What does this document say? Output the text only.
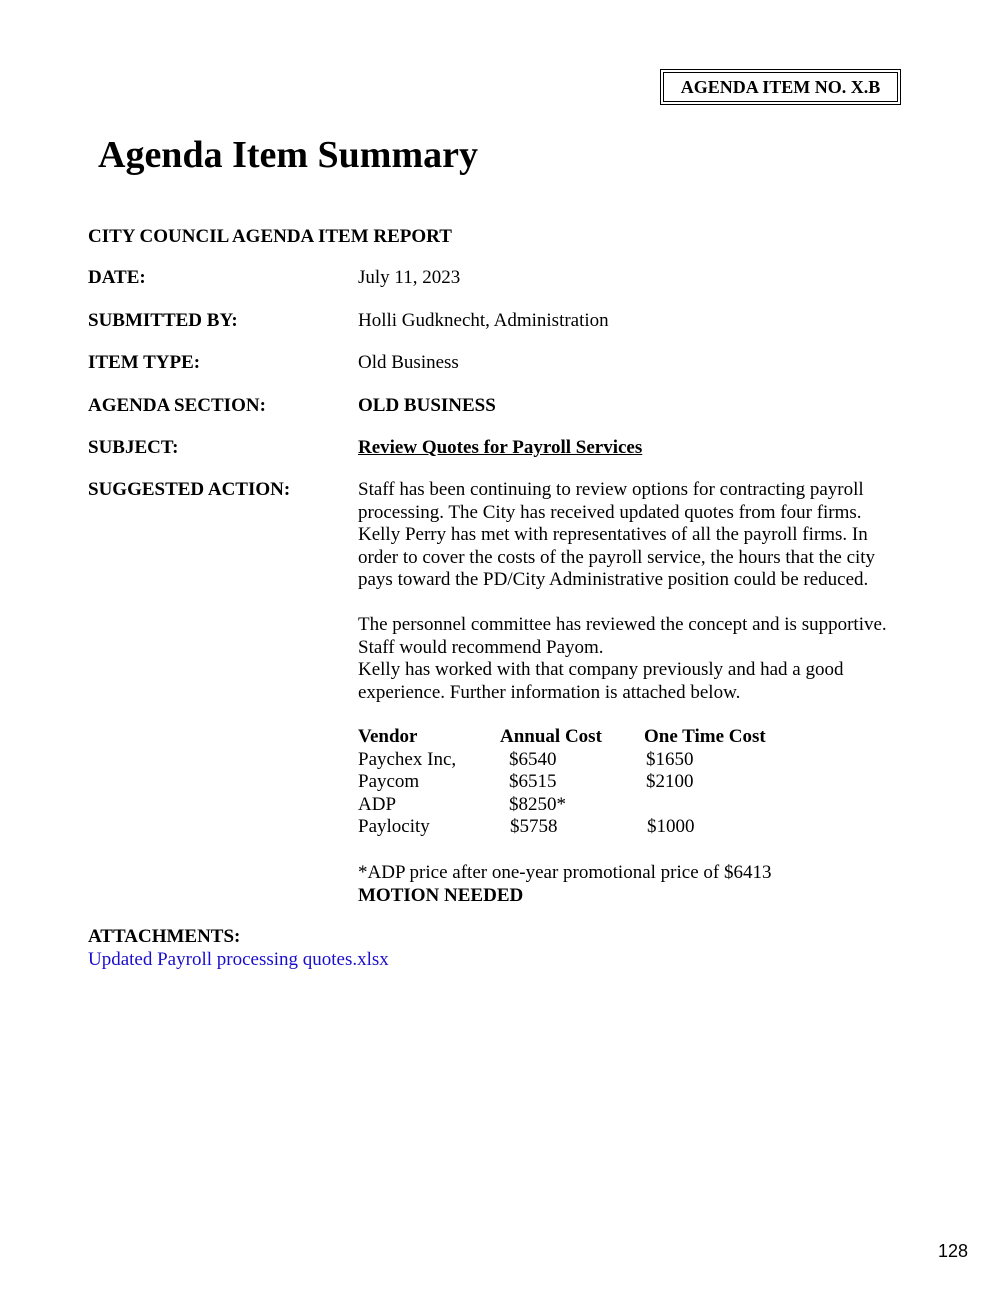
AGENDA ITEM NO. X.B
Agenda Item Summary
CITY COUNCIL AGENDA ITEM REPORT
DATE:	July 11, 2023
SUBMITTED BY:	Holli Gudknecht, Administration
ITEM TYPE:	Old Business
AGENDA SECTION:	OLD BUSINESS
SUBJECT:	Review Quotes for Payroll Services
SUGGESTED ACTION:	Staff has been continuing to review options for contracting payroll
processing. The City has received updated quotes from four firms.
Kelly Perry has met with representatives of all the payroll firms. In
order to cover the costs of the payroll service, the hours that the city
pays toward the PD/City Administrative position could be reduced.
The personnel committee has reviewed the concept and is supportive.
Staff would recommend Payom.
Kelly has worked with that company previously and had a good
experience. Further information is attached below.
Vendor	Annual Cost One Time Cost
Paychex Inc,	$6540	$1650
Paycom	$6515	$2100
ADP	$8250*
Paylocity	$5758	$1000
*ADP price after one-year promotional price of $6413
MOTION NEEDED
ATTACHMENTS:
Updated Payroll processing quotes.xlsx
128
